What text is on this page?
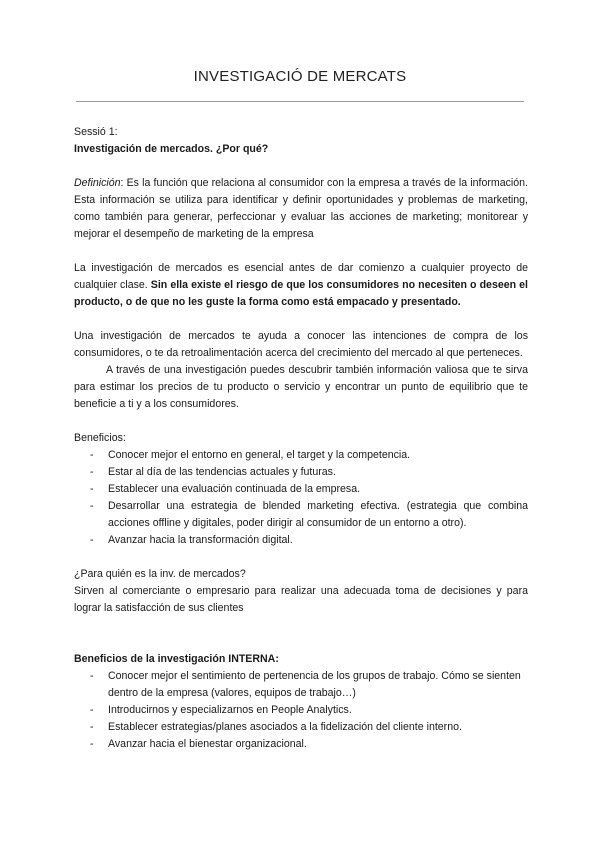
INVESTIGACIÓ DE MERCATS

Sessió 1:

Investigación de mercados. ¿Por qué?

Definición: Es la función que relaciona al consumidor con la empresa a través de la información. Esta información se utiliza para identificar y definir oportunidades y problemas de marketing, como también para generar, perfeccionar y evaluar las acciones de marketing; monitorear y mejorar el desempeño de marketing de la empresa

La investigación de mercados es esencial antes de dar comienzo a cualquier proyecto de cualquier clase. Sin ella existe el riesgo de que los consumidores no necesiten o deseen el producto, o de que no les guste la forma como está empacado y presentado.

Una investigación de mercados te ayuda a conocer las intenciones de compra de los consumidores, o te da retroalimentación acerca del crecimiento del mercado al que perteneces.

A través de una investigación puedes descubrir también información valiosa que te sirva para estimar los precios de tu producto o servicio y encontrar un punto de equilibrio que te beneficie a ti y a los consumidores.

Beneficios:

- Conocer mejor el entorno en general, el target y la competencia.
- Estar al día de las tendencias actuales y futuras.
- Establecer una evaluación continuada de la empresa.
- Desarrollar una estrategia de blended marketing efectiva. (estrategia que combina acciones offline y digitales, poder dirigir al consumidor de un entorno a otro).
- Avanzar hacia la transformación digital.

¿Para quién es la inv. de mercados?

Sirven al comerciante o empresario para realizar una adecuada toma de decisiones y para lograr la satisfacción de sus clientes

Beneficios de la investigación INTERNA:

- Conocer mejor el sentimiento de pertenencia de los grupos de trabajo. Cómo se sienten dentro de la empresa (valores, equipos de trabajo…)
- Introducirnos y especializarnos en People Analytics.
- Establecer estrategias/planes asociados a la fidelización del cliente interno.
- Avanzar hacia el bienestar organizacional.
